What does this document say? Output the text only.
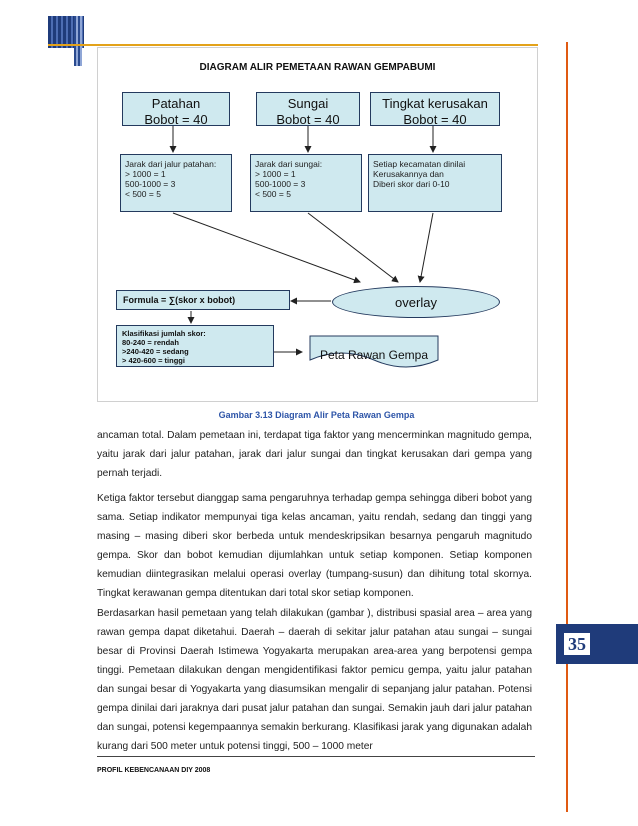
35
DIAGRAM ALIR PEMETAAN RAWAN GEMPABUMI
Patahan
Bobot = 40
Sungai
Bobot = 40
Tingkat kerusakan
Bobot = 40
Jarak dari jalur patahan:
> 1000 = 1
500-1000 = 3
< 500 = 5
Jarak dari sungai:
> 1000 = 1
500-1000 = 3
< 500 = 5
Setiap kecamatan dinilai
Kerusakannya dan
Diberi skor dari 0-10
Formula = ∑(skor x bobot)	overlay
Klasifikasi jumlah skor:
80-240 = rendah
>240-420 = sedang
> 420-600 = tinggi	Peta Rawan Gempa
Gambar 3.13 Diagram Alir Peta Rawan Gempa

ancaman total. Dalam pemetaan ini, terdapat tiga faktor yang mencerminkan magnitudo gempa, yaitu jarak dari jalur patahan, jarak dari jalur sungai dan tingkat kerusakan dari gempa yang pernah terjadi.

Ketiga faktor tersebut dianggap sama pengaruhnya terhadap gempa sehingga diberi bobot yang sama. Setiap indikator mempunyai tiga kelas ancaman, yaitu rendah, sedang dan tinggi yang masing – masing diberi skor berbeda untuk mendeskripsikan besarnya pengaruh magnitudo gempa. Skor dan bobot kemudian dijumlahkan untuk setiap komponen. Setiap komponen kemudian diintegrasikan melalui operasi overlay (tumpang-susun) dan dihitung total skornya. Tingkat kerawanan gempa ditentukan dari total skor setiap komponen.

Berdasarkan hasil pemetaan yang telah dilakukan (gambar ), distribusi spasial area – area yang rawan gempa dapat diketahui. Daerah – daerah di sekitar jalur patahan atau sungai – sungai besar di Provinsi Daerah Istimewa Yogyakarta merupakan area-area yang berpotensi gempa tinggi. Pemetaan dilakukan dengan mengidentifikasi faktor pemicu gempa, yaitu jalur patahan dan sungai besar di Yogyakarta yang diasumsikan mengalir di sepanjang jalur patahan. Potensi gempa dinilai dari jaraknya dari pusat jalur patahan dan sungai. Semakin jauh dari jalur patahan dan sungai, potensi kegempaannya semakin berkurang. Klasifikasi jarak yang digunakan adalah kurang dari 500 meter untuk potensi tinggi, 500 – 1000 meter

PROFIL KEBENCANAAN DIY 2008
